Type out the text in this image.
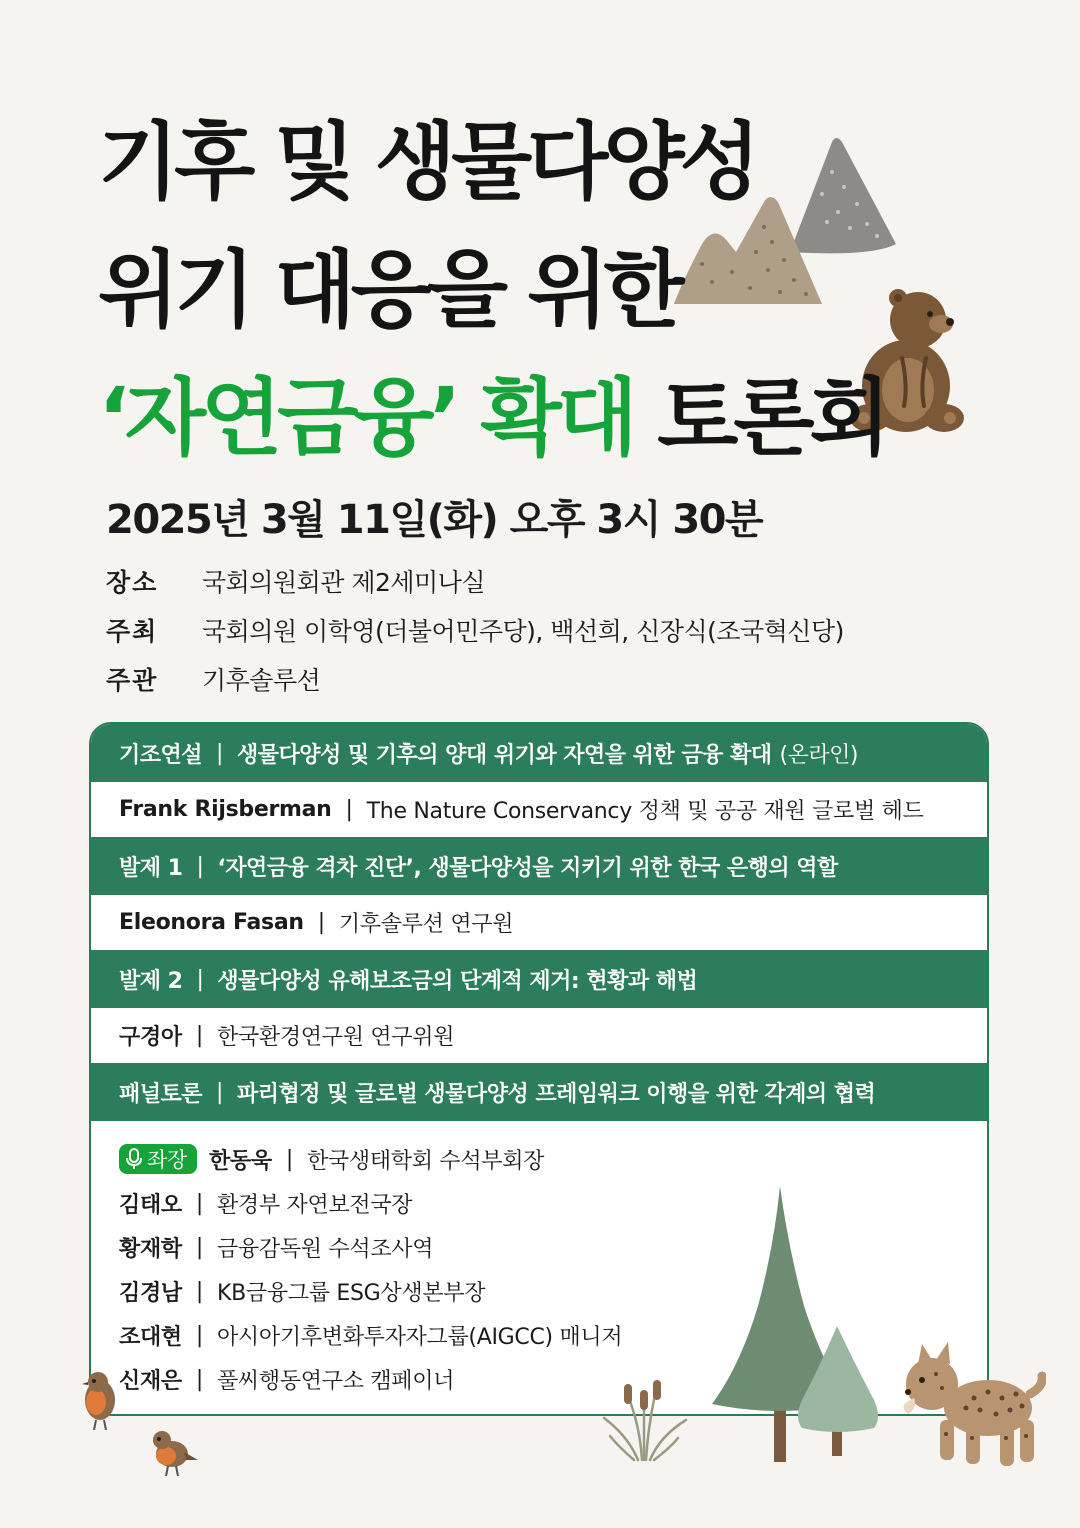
기후 및 생물다양성
위기 대응을 위한
‘자연금융’ 확대 토론회

2025년 3월 11일(화) 오후 3시 30분

장소	국회의원회관 제2세미나실
주최	국회의원 이학영(더불어민주당), 백선희, 신장식(조국혁신당)
주관	기후솔루션
기조연설 | 생물다양성 및 기후의 양대 위기와 자연을 위한 금융 확대 (온라인)
Frank Rijsberman | The Nature Conservancy 정책 및 공공 재원 글로벌 헤드
발제 1 | ‘자연금융 격차 진단’, 생물다양성을 지키기 위한 한국 은행의 역할
Eleonora Fasan | 기후솔루션 연구원
발제 2 | 생물다양성 유해보조금의 단계적 제거: 현황과 해법
구경아 | 한국환경연구원 연구위원
패널토론 | 파리협정 및 글로벌 생물다양성 프레임워크 이행을 위한 각계의 협력
좌장 한동욱 | 한국생태학회 수석부회장
김태오 | 환경부 자연보전국장
황재학 | 금융감독원 수석조사역
김경남 | KB금융그룹 ESG상생본부장
조대현 | 아시아기후변화투자자그룹(AIGCC) 매니저
신재은 | 풀씨행동연구소 캠페이너
